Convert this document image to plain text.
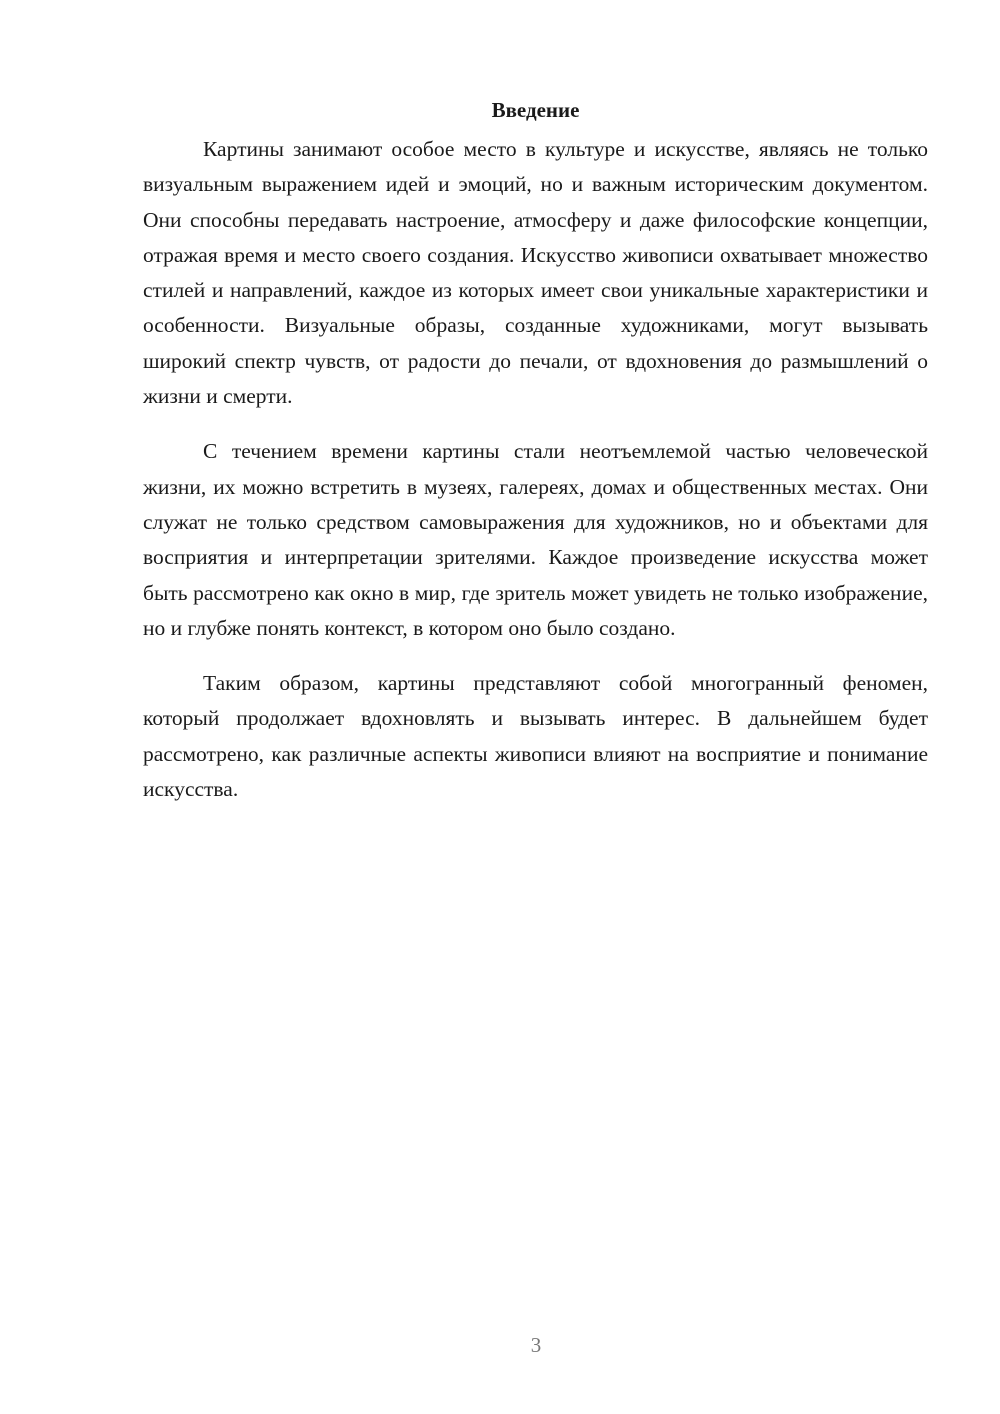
Введение

Картины занимают особое место в культуре и искусстве, являясь не только визуальным выражением идей и эмоций, но и важным историческим документом. Они способны передавать настроение, атмосферу и даже философские концепции, отражая время и место своего создания. Искусство живописи охватывает множество стилей и направлений, каждое из которых имеет свои уникальные характеристики и особенности. Визуальные образы, созданные художниками, могут вызывать широкий спектр чувств, от радости до печали, от вдохновения до размышлений о жизни и смерти.

С течением времени картины стали неотъемлемой частью человеческой жизни, их можно встретить в музеях, галереях, домах и общественных местах. Они служат не только средством самовыражения для художников, но и объектами для восприятия и интерпретации зрителями. Каждое произведение искусства может быть рассмотрено как окно в мир, где зритель может увидеть не только изображение, но и глубже понять контекст, в котором оно было создано.

Таким образом, картины представляют собой многогранный феномен, который продолжает вдохновлять и вызывать интерес. В дальнейшем будет рассмотрено, как различные аспекты живописи влияют на восприятие и понимание искусства.

3
